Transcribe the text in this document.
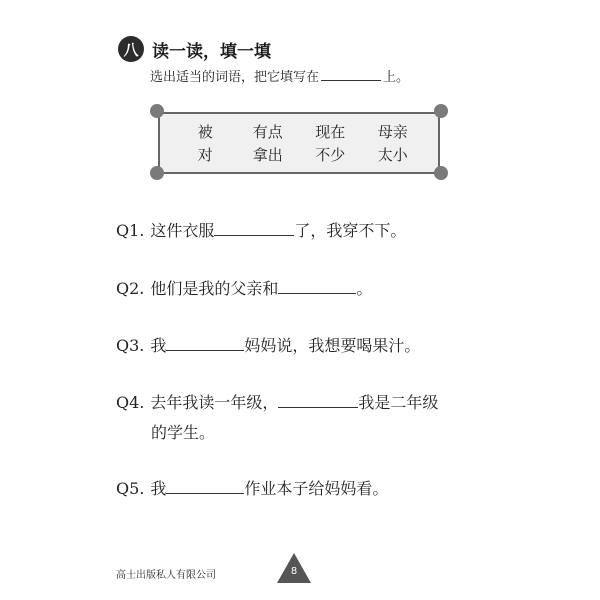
八 读一读，填一填
选出适当的词语，把它填写在	上。
被	有点 现在 母亲
对	拿出 不少 太小
Q1. 这件衣服	了，我穿不下。
Q2. 他们是我的父亲和	。
Q3. 我	妈妈说，我想要喝果汁。
Q4. 去年我读一年级，	我是二年级
的学生。
Q5. 我	作业本子给妈妈看。
高士出版私人有限公司	8
